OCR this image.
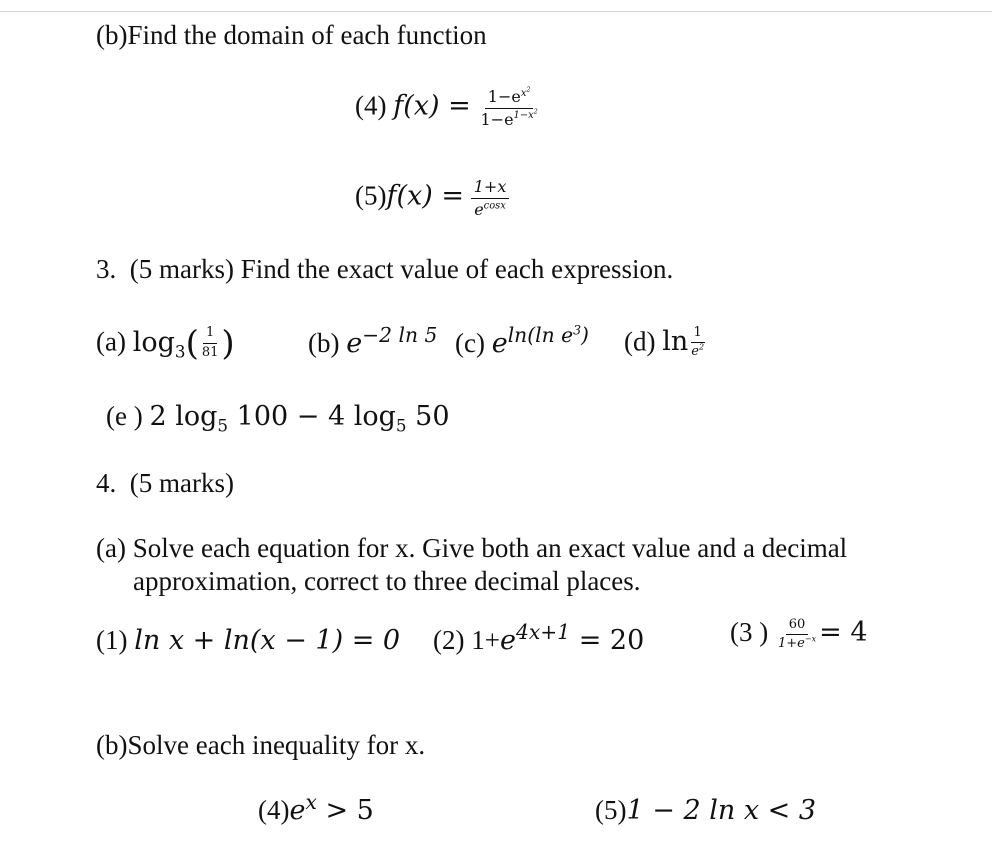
(b)Find the domain of each function
(4) $f(x) = \frac{1-e^{x^2}}{1-e^{1-x^2}}$
$(5)f(x) = \frac{1+x}{e^{cosx}}$
3. (5 marks) Find the exact value of each expression.
(a) $\log_3( \frac{1}{81}$ )	(b) $e^{-2 ln 5}$ (c) $e^{ln(ln e^3)}$ (d) $\ln \frac{1}{e^2}$
(e ) 2 $\log_5 100 - 4$ $\log_5 50$
4. (5 marks)
(a) Solve each equation for x. Give both an exact value and a decimal
approximation, correct to three decimal places.
(1) ln x + ln(x − 1) = 0 (2) $1+e^{4x+1} = 20$	(3 ) $\frac{60}{1+e^{-x}} = 4$
(b)Solve each inequality for x.
$(4)e^x > 5$	(5)1 − 2 ln x < 3
